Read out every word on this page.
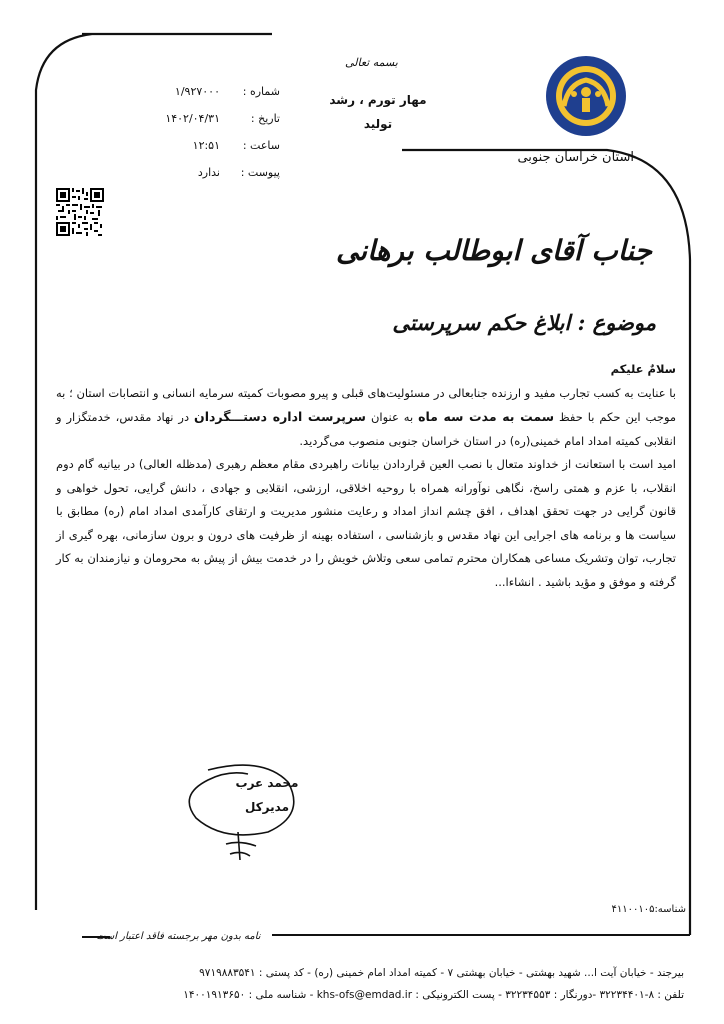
استان خراسان جنوبی
بسمه تعالی
مهار تورم ، رشد
تولید
شماره :
۱/۹۲۷۰۰۰
تاریخ :
۱۴۰۲/۰۴/۳۱
ساعت :
۱۲:۵۱
پیوست :
ندارد
جناب آقای ابوطالب برهانی
موضوع : ابلاغ حکم سرپرستی
سلامٌ علیکم

با عنایت به کسب تجارب مفید و ارزنده جنابعالی در مسئولیت‌های قبلی و پیرو مصوبات کمیته سرمایه انسانی و انتصابات استان ؛ به موجب این حکم با حفظ سمت به مدت سه ماه به عنوان سرپرست اداره دستـــگردان در نهاد مقدس، خدمتگزار و انقلابی کمیته امداد امام خمینی(ره) در استان خراسان جنوبی منصوب می‌گردید.

امید است با استعانت از خداوند متعال با نصب العین قراردادن بیانات راهبردی مقام معظم رهبری (مدظله العالی) در بیانیه گام دوم انقلاب، با عزم و همتی راسخ، نگاهی نوآورانه همراه با روحیه اخلاقی، ارزشی، انقلابی و جهادی ، دانش گرایی، تحول خواهی و قانون گرایی در جهت تحقق اهداف ، افق چشم انداز امداد و رعایت منشور مدیریت و ارتقای کارآمدی امداد امام (ره) مطابق با سیاست ها و برنامه های اجرایی این نهاد مقدس و بازشناسی ، استفاده بهینه از ظرفیت های درون و برون سازمانی، بهره گیری از تجارب، توان وتشریک مساعی همکاران محترم تمامی سعی وتلاش خویش را در خدمت بیش از پیش به محرومان و نیازمندان به کار گرفته و موفق و مؤید باشید . انشاءا...

محمد عرب
مدیرکل
شناسه:۴۱۱۰۰۱۰۵
نامه بدون مهر برجسته فاقد اعتبار است
بیرجند - خیابان آیت ا... شهید بهشتی - خیابان بهشتی ۷ - کمیته امداد امام خمینی (ره) - کد پستی : ۹۷۱۹۸۸۳۵۴۱
تلفن : ۸-۳۲۲۳۴۴۰۱ -دورنگار : ۳۲۲۳۴۵۵۳ - پست الکترونیکی : khs-ofs@emdad.ir - شناسه ملی : ۱۴۰۰۱۹۱۳۶۵۰
